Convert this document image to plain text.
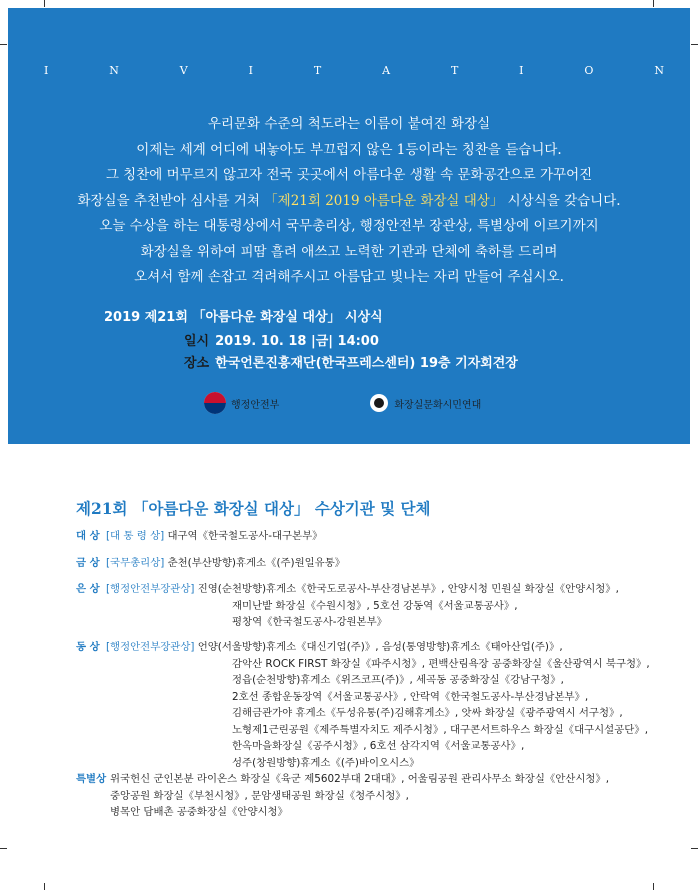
I	N	V	I	T	A	T	I	O	N
우리문화 수준의 척도라는 이름이 붙여진 화장실
이제는 세계 어디에 내놓아도 부끄럽지 않은 1등이라는 칭찬을 듣습니다.
그 칭찬에 머무르지 않고자 전국 곳곳에서 아름다운 생활 속 문화공간으로 가꾸어진
화장실을 추천받아 심사를 거쳐 「제21회 2019 아름다운 화장실 대상」 시상식을 갖습니다.
오늘 수상을 하는 대통령상에서 국무총리상, 행정안전부 장관상, 특별상에 이르기까지
화장실을 위하여 피땀 흘려 애쓰고 노력한 기관과 단체에 축하를 드리며
오셔서 함께 손잡고 격려해주시고 아름답고 빛나는 자리 만들어 주십시오.
2019 제21회 「아름다운 화장실 대상」 시상식
일시 2019. 10. 18 |금| 14:00
장소 한국언론진흥재단(한국프레스센터) 19층 기자회견장
행정안전부	화장실문화시민연대
제21회 「아름다운 화장실 대상」 수상기관 및 단체
대 상 [대 통 령 상] 대구역《한국철도공사-대구본부》
금 상 [국무총리상] 춘천(부산방향)휴게소《(주)원일유통》
은 상 [행정안전부장관상] 진영(순천방향)휴게소《한국도로공사-부산경남본부》, 안양시청 민원실 화장실《안양시청》,
재미난밭 화장실《수원시청》, 5호선 강동역《서울교통공사》,
평창역《한국철도공사-강원본부》
동 상 [행정안전부장관상] 언양(서울방향)휴게소《대신기업(주)》, 음성(통영방향)휴게소《태아산업(주)》,
감악산 ROCK FIRST 화장실《파주시청》, 편백산림욕장 공중화장실《울산광역시 북구청》,
정읍(순천방향)휴게소《위즈코프(주)》, 세곡동 공중화장실《강남구청》,
2호선 종합운동장역《서울교통공사》, 안락역《한국철도공사-부산경남본부》,
김해금관가야 휴게소《두성유통(주)김해휴게소》, 앗싸 화장실《광주광역시 서구청》,
노형제1근린공원《제주특별자치도 제주시청》, 대구콘서트하우스 화장실《대구시설공단》,
한옥마을화장실《공주시청》, 6호선 삼각지역《서울교통공사》,
성주(창원방향)휴게소《(주)바이오시스》
특별상 위국헌신 군인본분 라이온스 화장실《육군 제5602부대 2대대》, 어울림공원 관리사무소 화장실《안산시청》,
중앙공원 화장실《부천시청》, 문암생태공원 화장실《청주시청》,
병목안 담배촌 공중화장실《안양시청》
